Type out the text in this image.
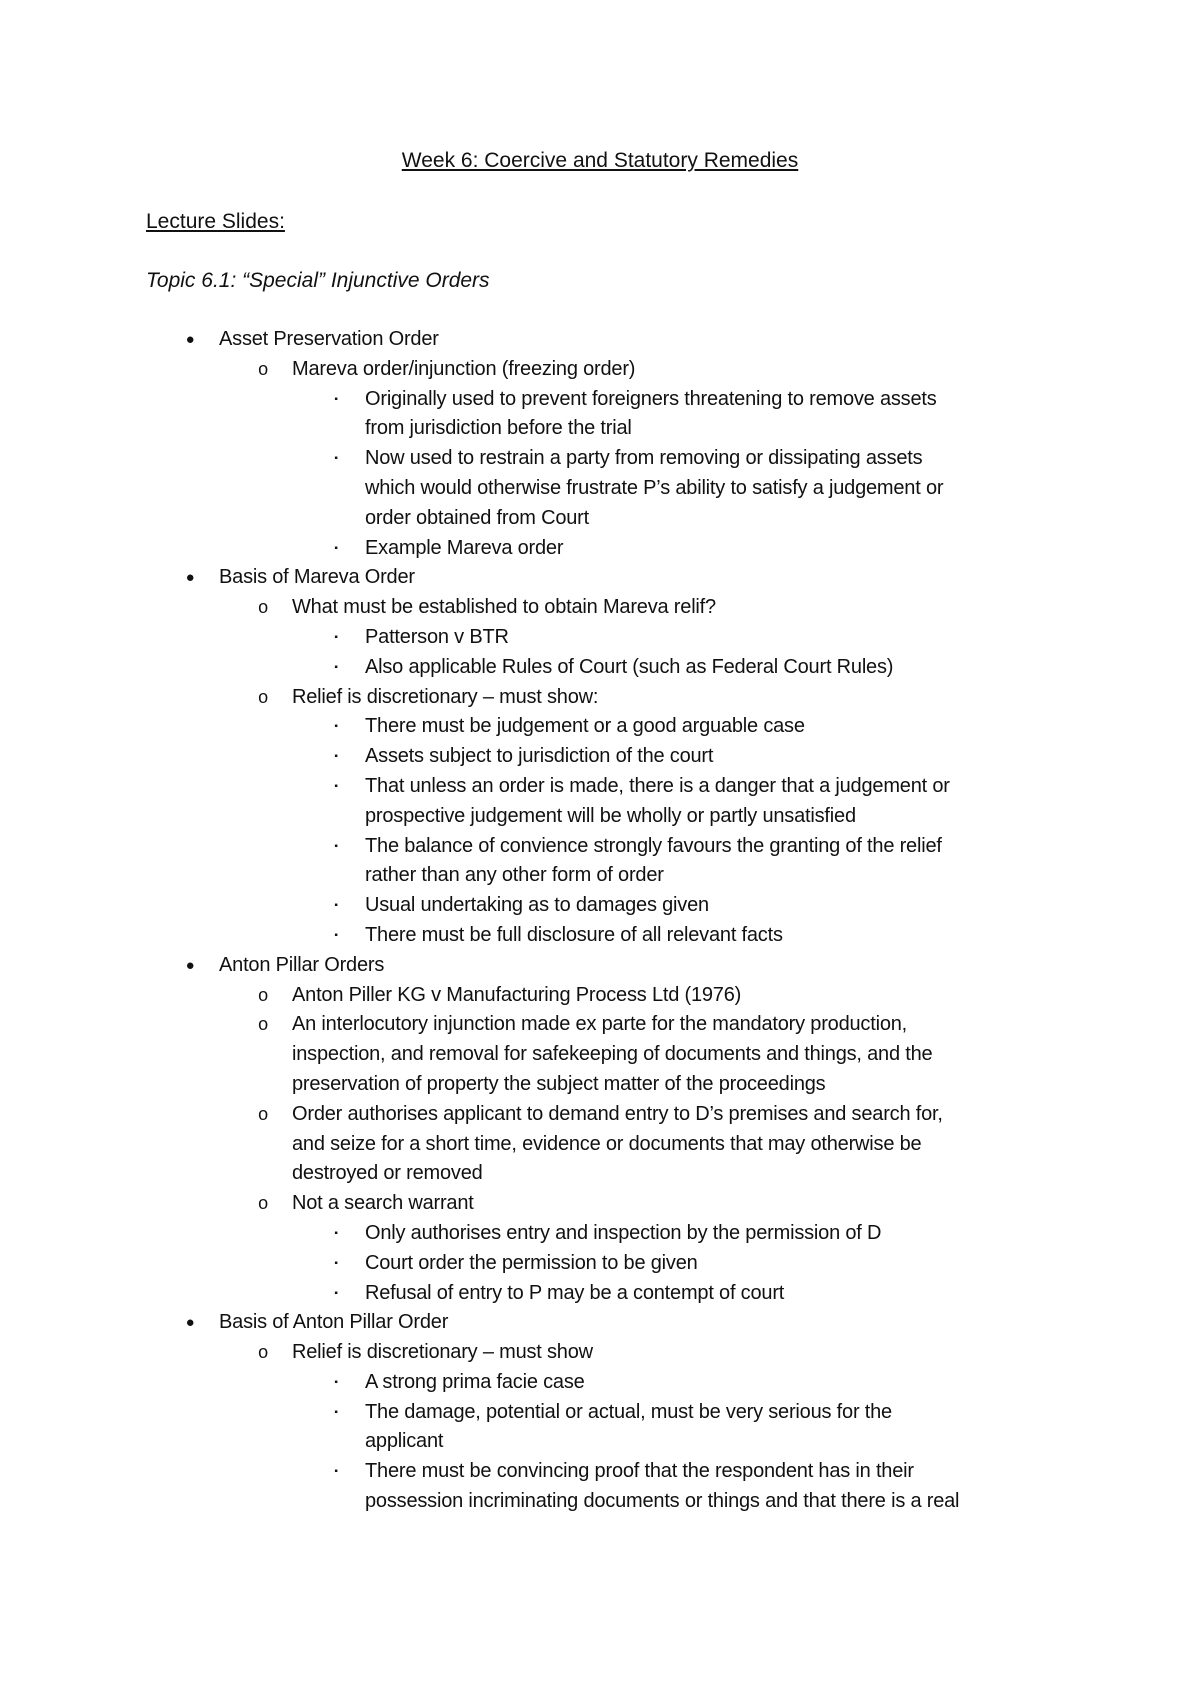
Week 6: Coercive and Statutory Remedies
Lecture Slides:
Topic 6.1: “Special” Injunctive Orders
● Asset Preservation Order
o Mareva order/injunction (freezing order)
▪	Originally used to prevent foreigners threatening to remove assets
from jurisdiction before the trial
▪	Now used to restrain a party from removing or dissipating assets
which would otherwise frustrate P’s ability to satisfy a judgement or
order obtained from Court
▪	Example Mareva order
● Basis of Mareva Order
o What must be established to obtain Mareva relif?
▪	Patterson v BTR
▪	Also applicable Rules of Court (such as Federal Court Rules)
o Relief is discretionary – must show:
▪	There must be judgement or a good arguable case
▪	Assets subject to jurisdiction of the court
▪	That unless an order is made, there is a danger that a judgement or
prospective judgement will be wholly or partly unsatisfied
▪	The balance of convience strongly favours the granting of the relief
rather than any other form of order
▪	Usual undertaking as to damages given
▪	There must be full disclosure of all relevant facts
● Anton Pillar Orders
o Anton Piller KG v Manufacturing Process Ltd (1976)
o An interlocutory injunction made ex parte for the mandatory production,
inspection, and removal for safekeeping of documents and things, and the
preservation of property the subject matter of the proceedings
o Order authorises applicant to demand entry to D’s premises and search for,
and seize for a short time, evidence or documents that may otherwise be
destroyed or removed
o Not a search warrant
▪	Only authorises entry and inspection by the permission of D
▪	Court order the permission to be given
▪	Refusal of entry to P may be a contempt of court
● Basis of Anton Pillar Order
o Relief is discretionary – must show
▪	A strong prima facie case
▪	The damage, potential or actual, must be very serious for the
applicant
▪	There must be convincing proof that the respondent has in their
possession incriminating documents or things and that there is a real
